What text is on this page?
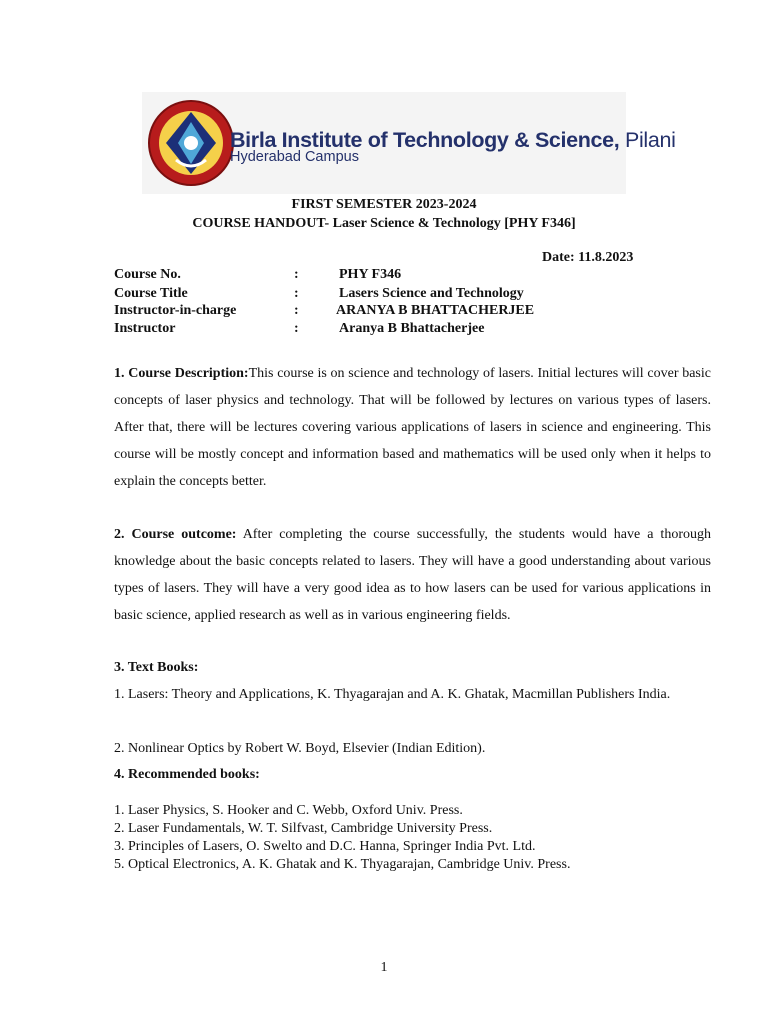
Birla Institute of Technology & Science, Pilani
Hyderabad Campus
FIRST SEMESTER 2023-2024
COURSE HANDOUT- Laser Science & Technology [PHY F346]
Date: 11.8.2023
Course No.	:	PHY F346
Course Title	:	Lasers Science and Technology
Instructor-in-charge	:	ARANYA B BHATTACHERJEE
Instructor	:	Aranya B Bhattacherjee
1. Course Description:This course is on science and technology of lasers. Initial lectures will cover basic concepts of laser physics and technology. That will be followed by lectures on various types of lasers. After that, there will be lectures covering various applications of lasers in science and engineering. This course will be mostly concept and information based and mathematics will be used only when it helps to explain the concepts better.
2. Course outcome: After completing the course successfully, the students would have a thorough knowledge about the basic concepts related to lasers. They will have a good understanding about various types of lasers. They will have a very good idea as to how lasers can be used for various applications in basic science, applied research as well as in various engineering fields.
3. Text Books:
1. Lasers: Theory and Applications, K. Thyagarajan and A. K. Ghatak, Macmillan Publishers India.
2. Nonlinear Optics by Robert W. Boyd, Elsevier (Indian Edition).
4. Recommended books:
1. Laser Physics, S. Hooker and C. Webb, Oxford Univ. Press.
2. Laser Fundamentals, W. T. Silfvast, Cambridge University Press.
3. Principles of Lasers, O. Swelto and D.C. Hanna, Springer India Pvt. Ltd.
5. Optical Electronics, A. K. Ghatak and K. Thyagarajan, Cambridge Univ. Press.
1
